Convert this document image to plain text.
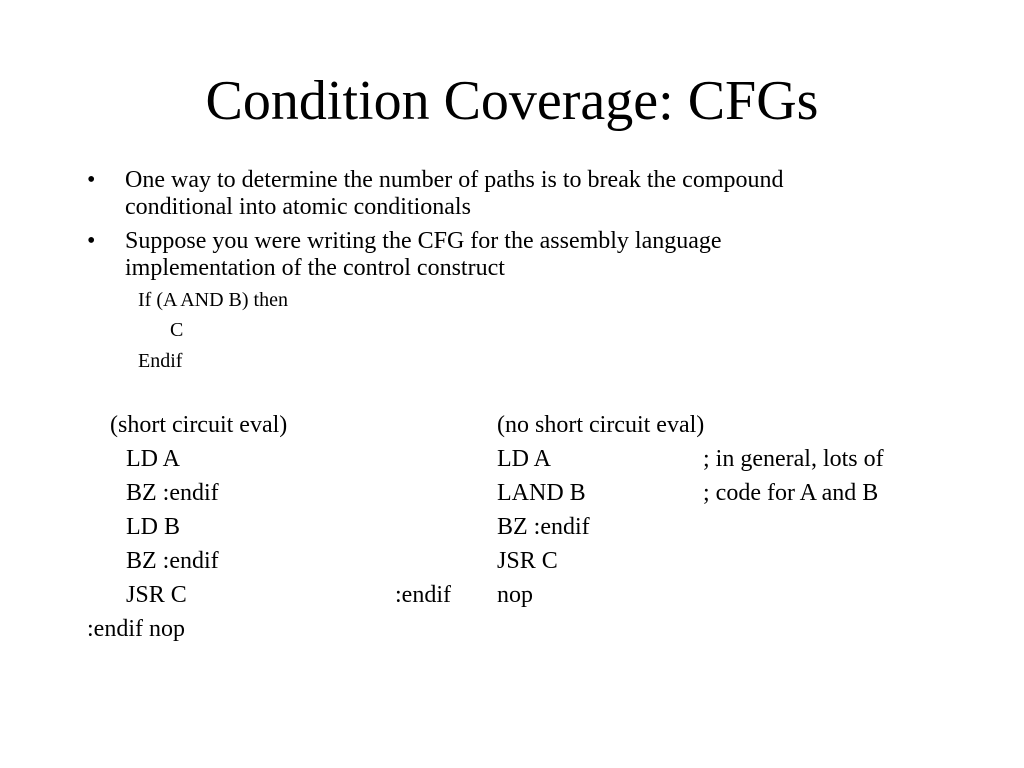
Condition Coverage: CFGs
• One way to determine the number of paths is to break the compound
conditional into atomic conditionals
• Suppose you were writing the CFG for the assembly language
implementation of the control construct
If (A AND B) then
C
Endif
(short circuit eval)
LD A
BZ :endif
LD B
BZ :endif
JSR C
:endif nop
(no short circuit eval)
LD A
LAND B
BZ :endif
JSR C
:endif nop
; in general, lots of
; code for A and B
